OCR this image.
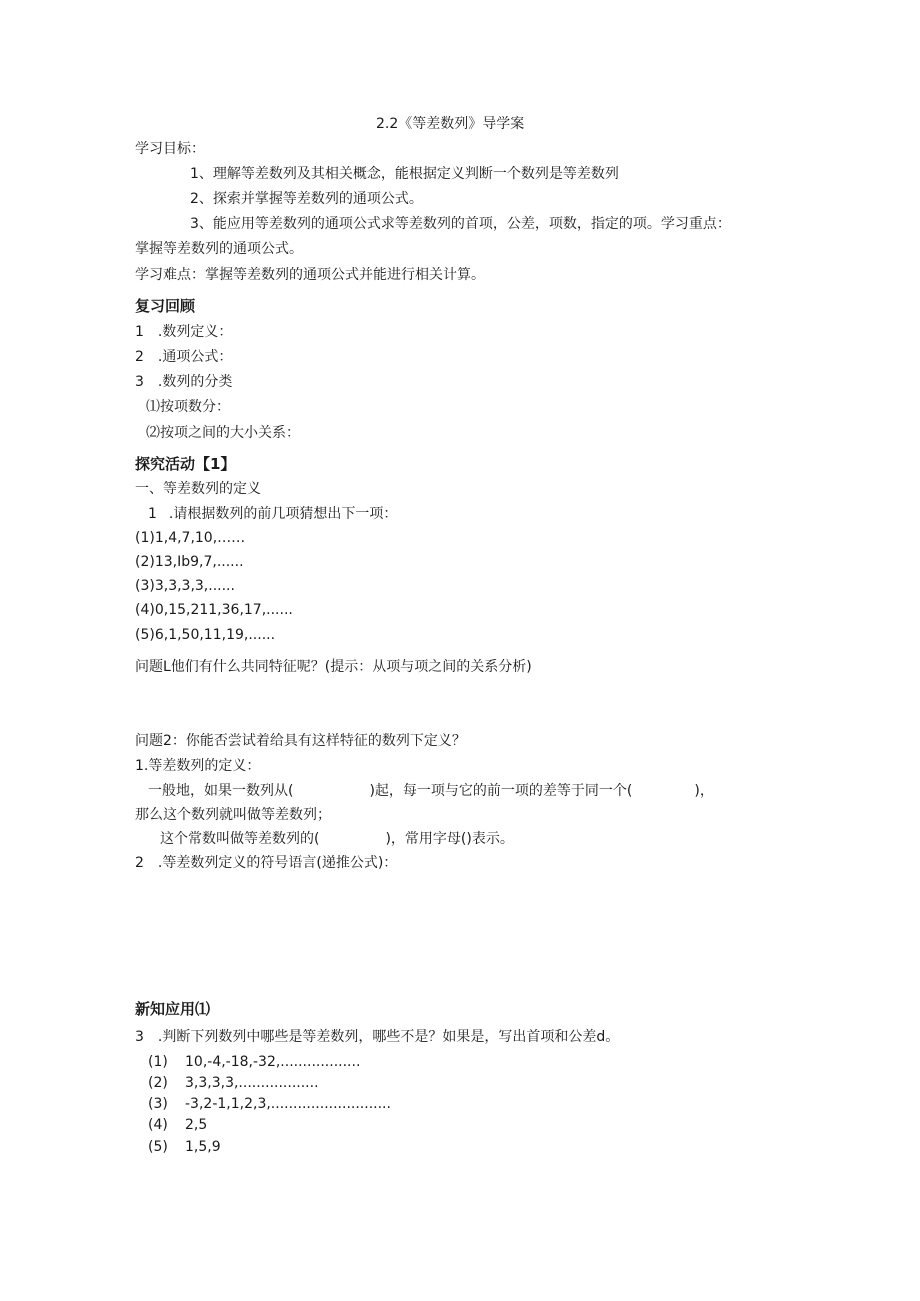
2.2《等差数列》导学案
学习目标：
1、理解等差数列及其相关概念，能根据定义判断一个数列是等差数列
2、探索并掌握等差数列的通项公式。
3、能应用等差数列的通项公式求等差数列的首项，公差，项数，指定的项。学习重点：
掌握等差数列的通项公式。
学习难点：掌握等差数列的通项公式并能进行相关计算。
复习回顾
1 .数列定义：
2 .通项公式：
3 .数列的分类
⑴按项数分：
⑵按项之间的大小关系：
探究活动【1】
一、等差数列的定义
1 .请根据数列的前几项猜想出下一项：
(1)1,4,7,10,……
(2)13,Ib9,7,......
(3)3,3,3,3,......
(4)0,15,211,36,17,......
(5)6,1,50,11,19,......
问题L他们有什么共同特征呢？(提示：从项与项之间的关系分析)
问题2：你能否尝试着给具有这样特征的数列下定义？
1.等差数列的定义：
一般地，如果一数列从(	)起，每一项与它的前一项的差等于同一个(	)，
那么这个数列就叫做等差数列；
这个常数叫做等差数列的(	)，常用字母()表示。
2 .等差数列定义的符号语言(递推公式)：
新知应用⑴
3 .判断下列数列中哪些是等差数列，哪些不是？如果是，写出首项和公差d。
(1) 10,-4,-18,-32,..................
(2) 3,3,3,3,..................
(3) -3,2-1,1,2,3,...........................
(4) 2,5
(5) 1,5,9
